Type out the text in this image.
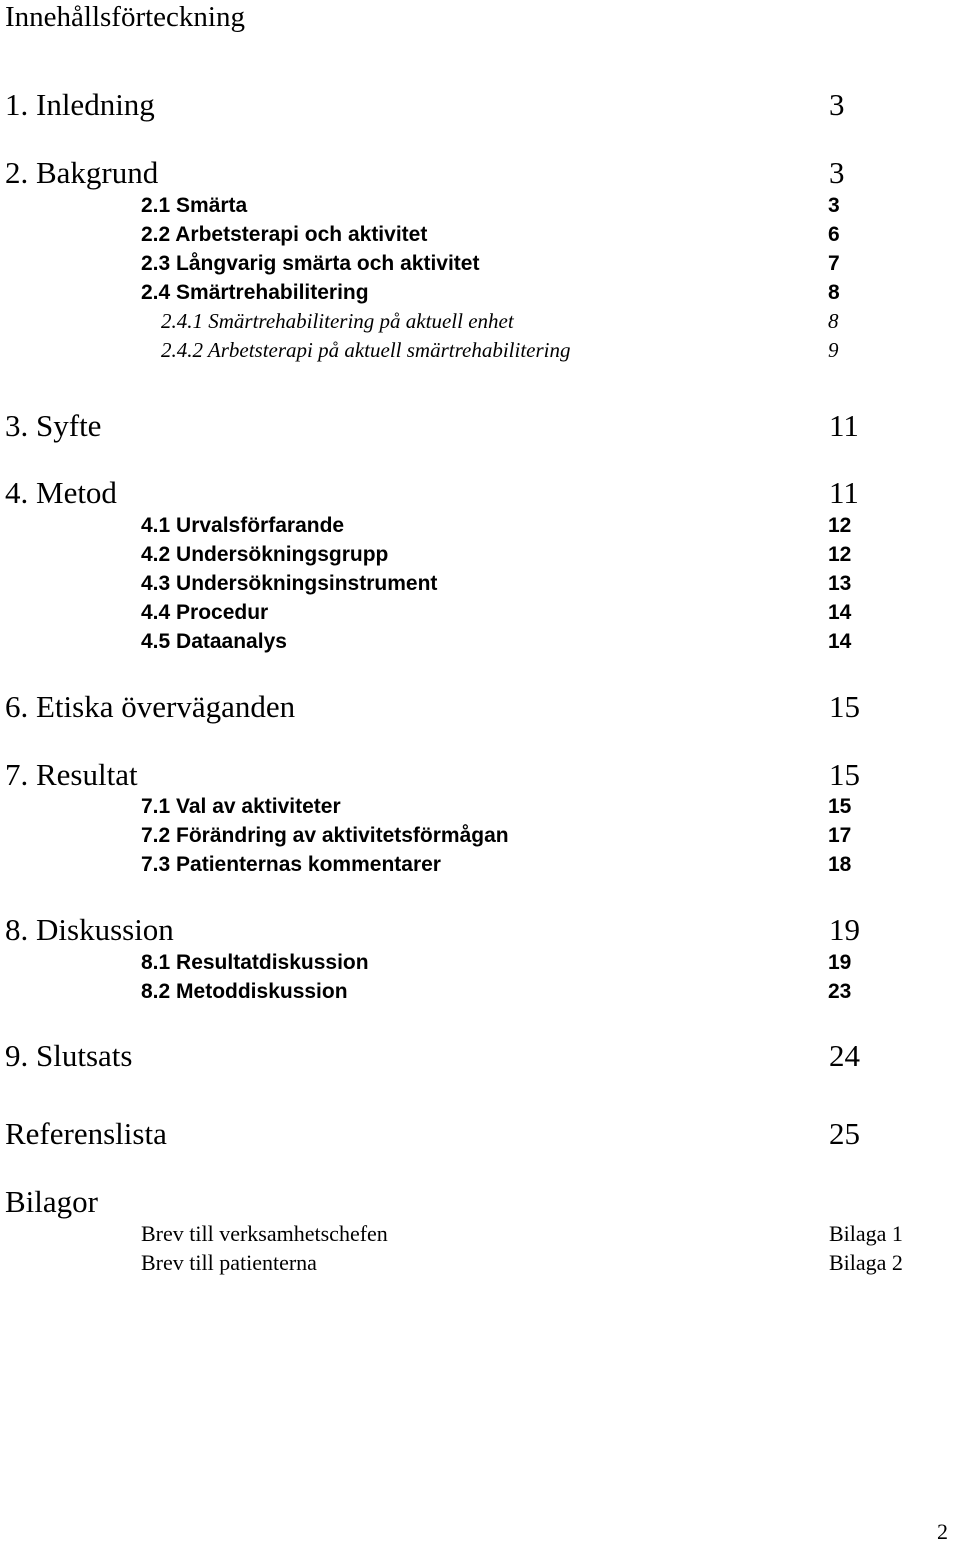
Innehållsförteckning
1. Inledning	3
2. Bakgrund	3
2.1 Smärta	3
2.2 Arbetsterapi och aktivitet	6
2.3 Långvarig smärta och aktivitet	7
2.4 Smärtrehabilitering	8
2.4.1 Smärtrehabilitering på aktuell enhet	8
2.4.2 Arbetsterapi på aktuell smärtrehabilitering	9
3. Syfte	11
4. Metod	11
4.1 Urvalsförfarande	12
4.2 Undersökningsgrupp	12
4.3 Undersökningsinstrument	13
4.4 Procedur	14
4.5 Dataanalys	14
6. Etiska överväganden	15
7. Resultat	15
7.1 Val av aktiviteter	15
7.2 Förändring av aktivitetsförmågan	17
7.3 Patienternas kommentarer	18
8. Diskussion	19
8.1 Resultatdiskussion	19
8.2 Metoddiskussion	23
9. Slutsats	24
Referenslista	25
Bilagor
Brev till verksamhetschefen	Bilaga 1
Brev till patienterna	Bilaga 2
2
